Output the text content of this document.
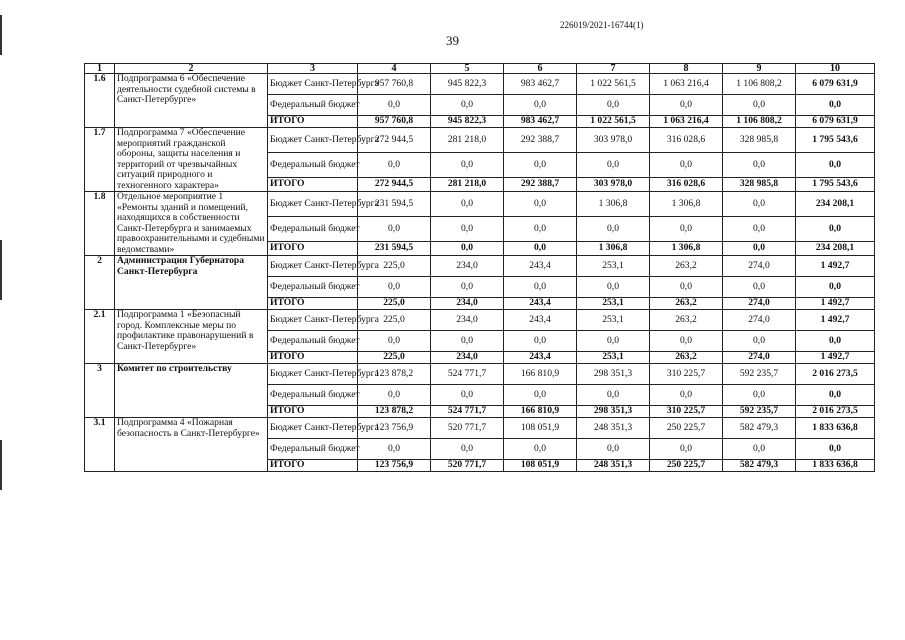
226019/2021-16744(1)
39
1	2	3	4	5	6	7	8	9	10
1.6	Подпрограмма 6 «Обеспечение деятельности судебной системы в Санкт-Петербурге»	Бюджет Санкт-Петербурга	957 760,8	945 822,3	983 462,7	1 022 561,5	1 063 216,4	1 106 808,2	6 079 631,9
		Федеральный бюджет	0,0	0,0	0,0	0,0	0,0	0,0	0,0
		ИТОГО	957 760,8	945 822,3	983 462,7	1 022 561,5	1 063 216,4	1 106 808,2	6 079 631,9
1.7	Подпрограмма 7 «Обеспечение мероприятий гражданской обороны, защиты населения и территорий от чрезвычайных ситуаций природного и техногенного характера»	Бюджет Санкт-Петербурга	272 944,5	281 218,0	292 388,7	303 978,0	316 028,6	328 985,8	1 795 543,6
		Федеральный бюджет	0,0	0,0	0,0	0,0	0,0	0,0	0,0
		ИТОГО	272 944,5	281 218,0	292 388,7	303 978,0	316 028,6	328 985,8	1 795 543,6
1.8	Отдельное мероприятие 1 «Ремонты зданий и помещений, находящихся в собственности Санкт-Петербурга и занимаемых правоохранительными и судебными ведомствами»	Бюджет Санкт-Петербурга	231 594,5	0,0	0,0	1 306,8	1 306,8	0,0	234 208,1
		Федеральный бюджет	0,0	0,0	0,0	0,0	0,0	0,0	0,0
		ИТОГО	231 594,5	0,0	0,0	1 306,8	1 306,8	0,0	234 208,1
2	Администрация Губернатора Санкт-Петербурга	Бюджет Санкт-Петербурга	225,0	234,0	243,4	253,1	263,2	274,0	1 492,7
		Федеральный бюджет	0,0	0,0	0,0	0,0	0,0	0,0	0,0
		ИТОГО	225,0	234,0	243,4	253,1	263,2	274,0	1 492,7
2.1	Подпрограмма 1 «Безопасный город. Комплексные меры по профилактике правонарушений в Санкт-Петербурге»	Бюджет Санкт-Петербурга	225,0	234,0	243,4	253,1	263,2	274,0	1 492,7
		Федеральный бюджет	0,0	0,0	0,0	0,0	0,0	0,0	0,0
		ИТОГО	225,0	234,0	243,4	253,1	263,2	274,0	1 492,7
3	Комитет по строительству	Бюджет Санкт-Петербурга	123 878,2	524 771,7	166 810,9	298 351,3	310 225,7	592 235,7	2 016 273,5
		Федеральный бюджет	0,0	0,0	0,0	0,0	0,0	0,0	0,0
		ИТОГО	123 878,2	524 771,7	166 810,9	298 351,3	310 225,7	592 235,7	2 016 273,5
3.1	Подпрограмма 4 «Пожарная безопасность в Санкт-Петербурге»	Бюджет Санкт-Петербурга	123 756,9	520 771,7	108 051,9	248 351,3	250 225,7	582 479,3	1 833 636,8
		Федеральный бюджет	0,0	0,0	0,0	0,0	0,0	0,0	0,0
		ИТОГО	123 756,9	520 771,7	108 051,9	248 351,3	250 225,7	582 479,3	1 833 636,8
